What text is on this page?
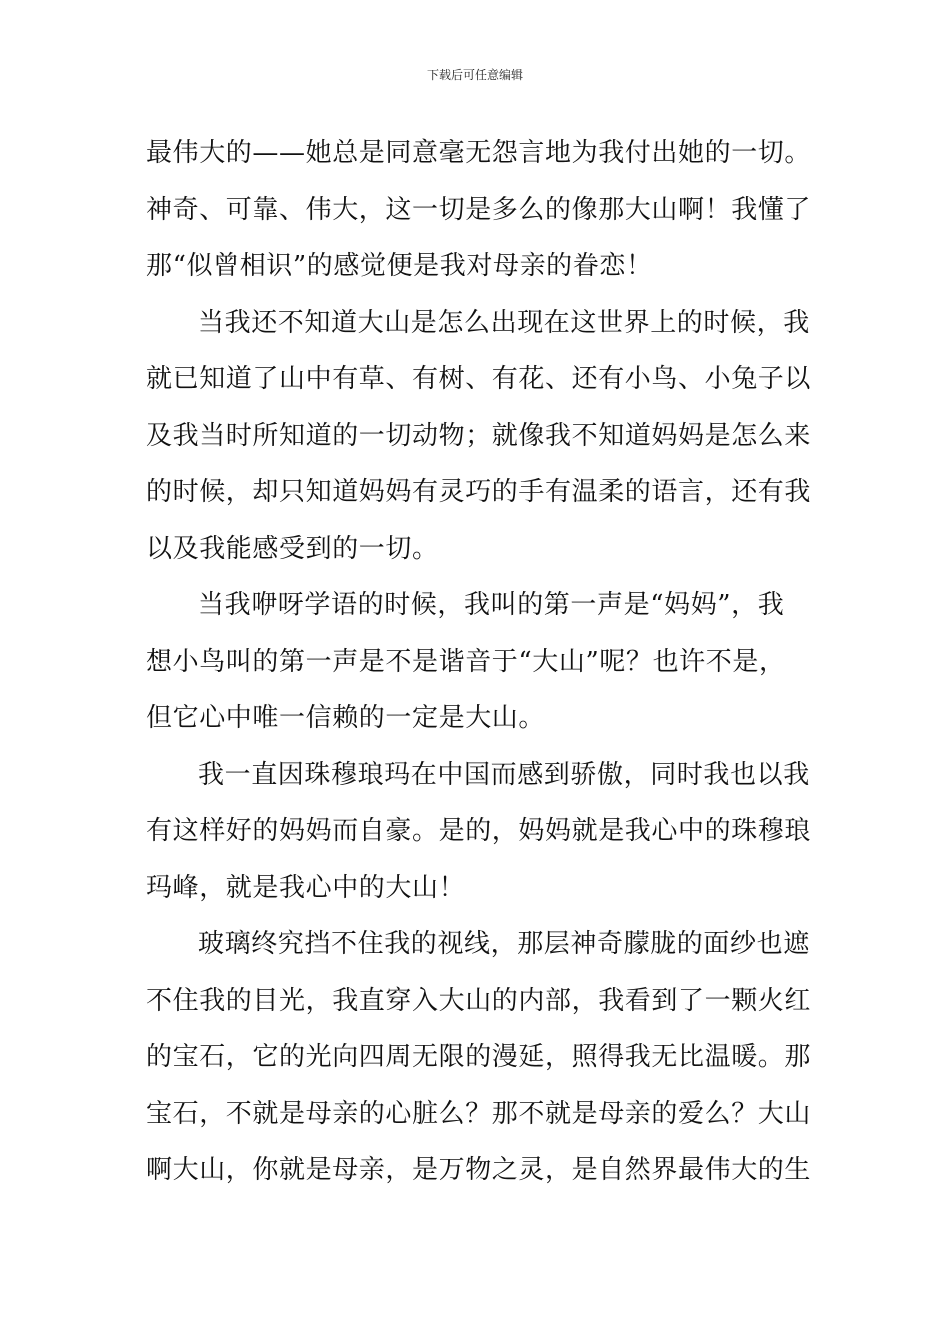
下载后可任意编辑
最伟大的——她总是同意毫无怨言地为我付出她的一切。
神奇、可靠、伟大，这一切是多么的像那大山啊！我懂了
那“似曾相识”的感觉便是我对母亲的眷恋！
当我还不知道大山是怎么出现在这世界上的时候，我
就已知道了山中有草、有树、有花、还有小鸟、小兔子以
及我当时所知道的一切动物；就像我不知道妈妈是怎么来
的时候，却只知道妈妈有灵巧的手有温柔的语言，还有我
以及我能感受到的一切。
当我咿呀学语的时候，我叫的第一声是“妈妈”，我
想小鸟叫的第一声是不是谐音于“大山”呢？也许不是，
但它心中唯一信赖的一定是大山。
我一直因珠穆琅玛在中国而感到骄傲，同时我也以我
有这样好的妈妈而自豪。是的，妈妈就是我心中的珠穆琅
玛峰，就是我心中的大山！
玻璃终究挡不住我的视线，那层神奇朦胧的面纱也遮
不住我的目光，我直穿入大山的内部，我看到了一颗火红
的宝石，它的光向四周无限的漫延，照得我无比温暖。那
宝石，不就是母亲的心脏么？那不就是母亲的爱么？大山
啊大山，你就是母亲，是万物之灵，是自然界最伟大的生
